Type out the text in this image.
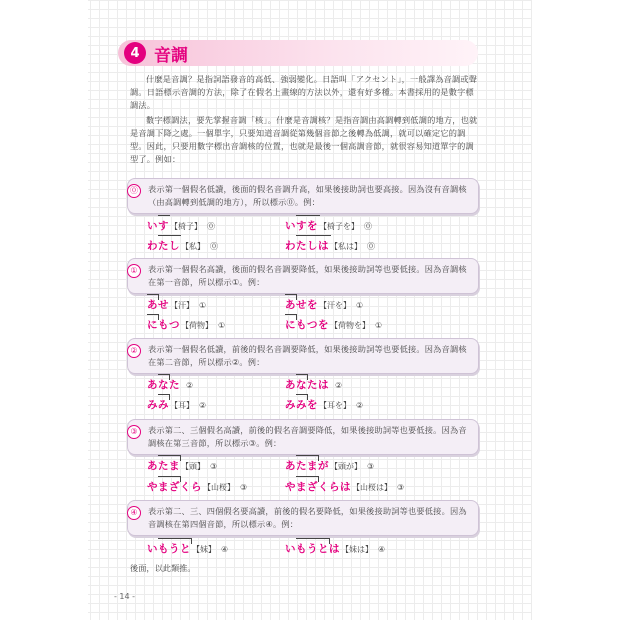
4 音調
什麼是音調？是指詞語發音的高低、強弱變化。日語叫「アクセント」，一般譯為音調或聲調。日語標示音調的方法，除了在假名上畫線的方法以外，還有好多種。本書採用的是數字標調法。
數字標調法，要先掌握音調「核」。什麼是音調核？是指音調由高調轉到低調的地方，也就是音調下降之處。一個單字，只要知道音調從第幾個音節之後轉為低調，就可以確定它的調型。因此，只要用數字標出音調核的位置，也就是最後一個高調音節，就很容易知道單字的調型了。例如：
⓪	表示第一個假名低讀，後面的假名音調升高，如果後接助詞也要高接。因為沒有音調核（由高調轉到低調的地方），所以標示⓪。例：
いす 【椅子】 ⓪	いすを 【椅子を】 ⓪
わたし 【私】 ⓪	わたしは 【私は】 ⓪
①	表示第一個假名高讀，後面的假名音調要降低，如果後接助詞等也要低接。因為音調核在第一音節，所以標示①。例：
あせ 【汗】 ①	あせを 【汗を】 ①
にもつ 【荷物】 ①	にもつを 【荷物を】 ①
②	表示第一個假名低讀，前後的假名音調要降低，如果後接助詞等也要低接。因為音調核在第二音節，所以標示②。例：
あなた ②	あなたは ②
みみ 【耳】 ②	みみを 【耳を】 ②
③	表示第二、三個假名高讀，前後的假名音調要降低，如果後接助詞等也要低接。因為音調核在第三音節，所以標示③。例：
あたま 【頭】 ③	あたまが 【頭が】 ③
やまざくら 【山桜】 ③	やまざくらは 【山桜は】 ③
④	表示第二、三、四個假名要高讀，前後的假名要降低，如果後接助詞等也要低接。因為音調核在第四個音節，所以標示④。例：
いもうと 【妹】 ④	いもうとは 【妹は】 ④
後面，以此類推。
- 14 -
